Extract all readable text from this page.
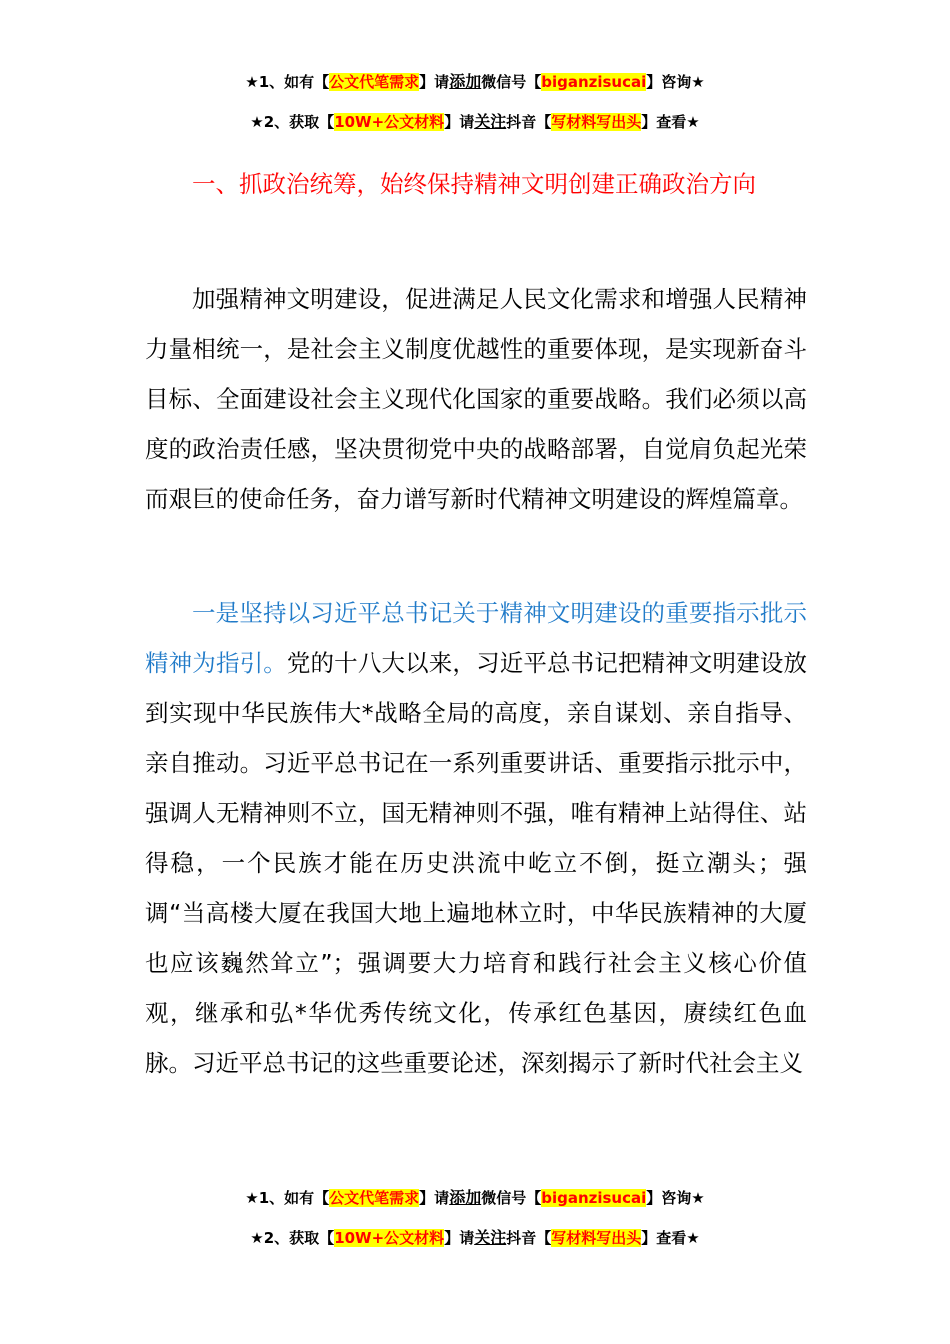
★1、如有【公文代笔需求】请添加微信号【biganzisucai】咨询★
★2、获取【10W+公文材料】请关注抖音【写材料写出头】查看★

一、抓政治统筹，始终保持精神文明创建正确政治方向

加强精神文明建设，促进满足人民文化需求和增强人民精神力量相统一，是社会主义制度优越性的重要体现，是实现新奋斗目标、全面建设社会主义现代化国家的重要战略。我们必须以高度的政治责任感，坚决贯彻党中央的战略部署，自觉肩负起光荣而艰巨的使命任务，奋力谱写新时代精神文明建设的辉煌篇章。

一是坚持以习近平总书记关于精神文明建设的重要指示批示精神为指引。党的十八大以来，习近平总书记把精神文明建设放到实现中华民族伟大*战略全局的高度，亲自谋划、亲自指导、亲自推动。习近平总书记在一系列重要讲话、重要指示批示中，强调人无精神则不立，国无精神则不强，唯有精神上站得住、站得稳，一个民族才能在历史洪流中屹立不倒，挺立潮头；强调“当高楼大厦在我国大地上遍地林立时，中华民族精神的大厦也应该巍然耸立”；强调要大力培育和践行社会主义核心价值观，继承和弘*华优秀传统文化，传承红色基因，赓续红色血脉。习近平总书记的这些重要论述，深刻揭示了新时代社会主义

★1、如有【公文代笔需求】请添加微信号【biganzisucai】咨询★
★2、获取【10W+公文材料】请关注抖音【写材料写出头】查看★
